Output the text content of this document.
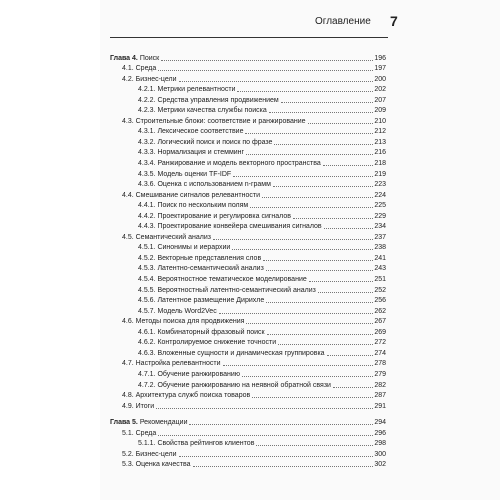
Оглавление 7
Глава 4. Поиск	196
4.1. Среда	197
4.2. Бизнес-цели	200
4.2.1. Метрики релевантности	202
4.2.2. Средства управления продвижением	207
4.2.3. Метрики качества службы поиска	209
4.3. Строительные блоки: соответствие и ранжирование	210
4.3.1. Лексическое соответствие	212
4.3.2. Логический поиск и поиск по фразе	213
4.3.3. Нормализация и стемминг	216
4.3.4. Ранжирование и модель векторного пространства	218
4.3.5. Модель оценки TF-IDF	219
4.3.6. Оценка с использованием n-грамм	223
4.4. Смешивание сигналов релевантности	224
4.4.1. Поиск по нескольким полям	225
4.4.2. Проектирование и регулировка сигналов	229
4.4.3. Проектирование конвейера смешивания сигналов	234
4.5. Семантический анализ	237
4.5.1. Синонимы и иерархии	238
4.5.2. Векторные представления слов	241
4.5.3. Латентно-семантический анализ	243
4.5.4. Вероятностное тематическое моделирование	251
4.5.5. Вероятностный латентно-семантический анализ	252
4.5.6. Латентное размещение Дирихле	256
4.5.7. Модель Word2Vec	262
4.6. Методы поиска для продвижения	267
4.6.1. Комбинаторный фразовый поиск	269
4.6.2. Контролируемое снижение точности	272
4.6.3. Вложенные сущности и динамическая группировка	274
4.7. Настройка релевантности	278
4.7.1. Обучение ранжированию	279
4.7.2. Обучение ранжированию на неявной обратной связи	282
4.8. Архитектура служб поиска товаров	287
4.9. Итоги	291
Глава 5. Рекомендации	294
5.1. Среда	296
5.1.1. Свойства рейтингов клиентов	298
5.2. Бизнес-цели	300
5.3. Оценка качества	302
